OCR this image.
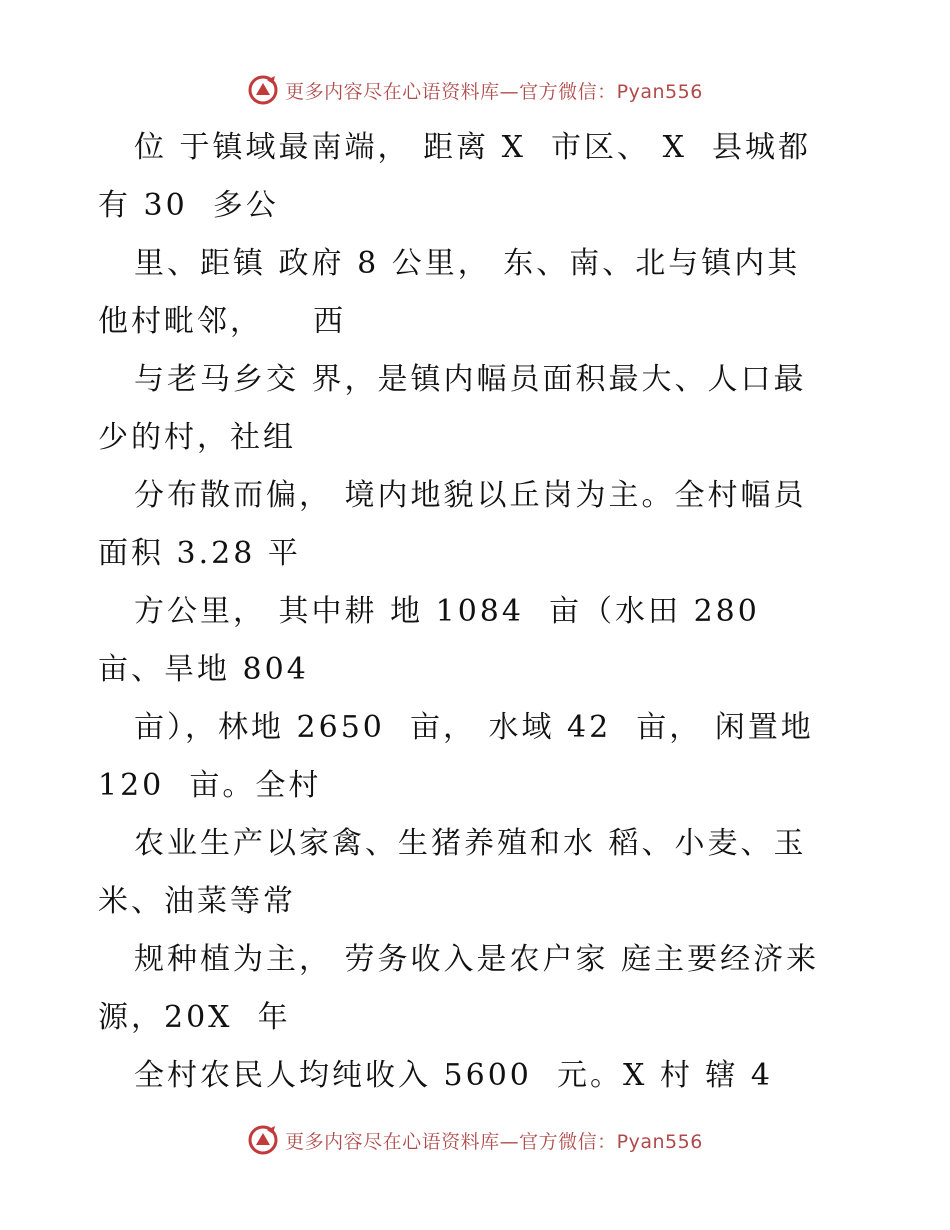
更多内容尽在心语资料库—官方微信：Pyan556
位 于镇域最南端， 距离 X  市区、 X  县城都
有 30  多公
里、距镇 政府 8 公里， 东、南、北与镇内其
他村毗邻，    西
与老马乡交 界，是镇内幅员面积最大、人口最
少的村，社组
分布散而偏， 境内地貌以丘岗为主。全村幅员
面积 3.28 平
方公里， 其中耕 地 1084  亩（水田 280
亩、旱地 804
亩），林地 2650  亩， 水域 42  亩， 闲置地
120  亩。全村
农业生产以家禽、生猪养殖和水 稻、小麦、玉
米、油菜等常
规种植为主， 劳务收入是农户家 庭主要经济来
源，20X  年
全村农民人均纯收入 5600  元。X 村 辖 4
更多内容尽在心语资料库—官方微信：Pyan556
